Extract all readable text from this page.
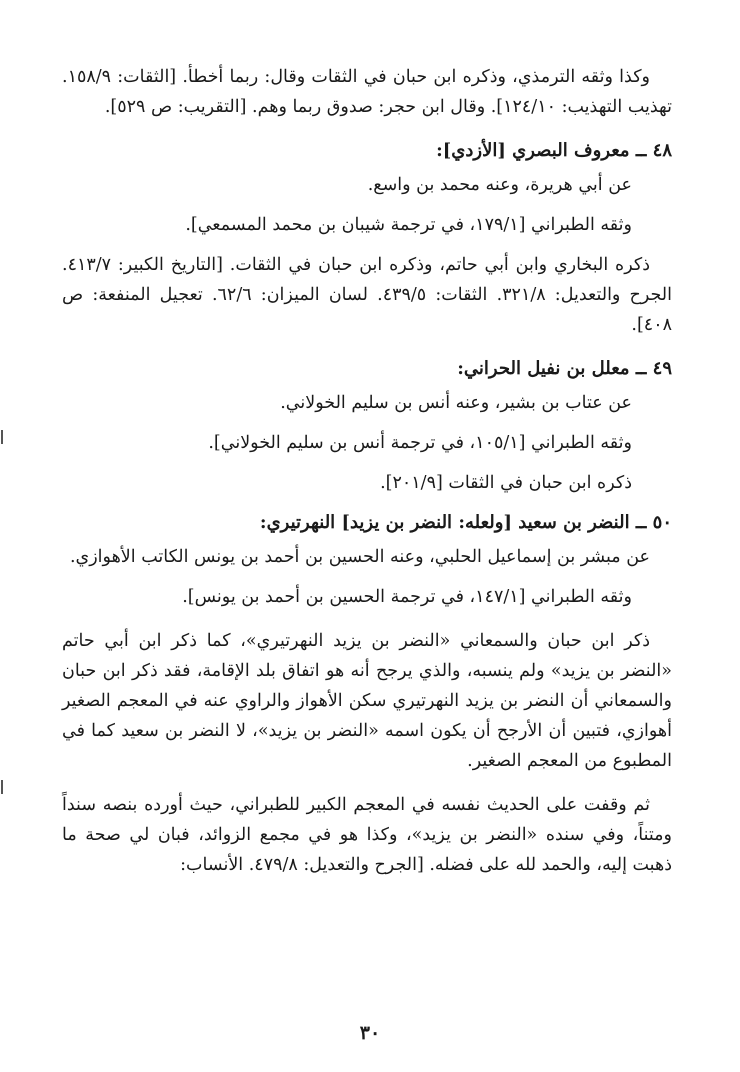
وكذا وثقه الترمذي، وذكره ابن حبان في الثقات وقال: ربما أخطأ. [الثقات: ١٥٨/٩. تهذيب التهذيب: ١٢٤/١٠]. وقال ابن حجر: صدوق ربما وهم. [التقريب: ص ٥٢٩].

٤٨ ــ معروف البصري [الأزدي]:

عن أبي هريرة، وعنه محمد بن واسع.

وثقه الطبراني [١٧٩/١، في ترجمة شيبان بن محمد المسمعي].

ذكره البخاري وابن أبي حاتم، وذكره ابن حبان في الثقات. [التاريخ الكبير: ٤١٣/٧. الجرح والتعديل: ٣٢١/٨. الثقات: ٤٣٩/٥. لسان الميزان: ٦٢/٦. تعجيل المنفعة: ص ٤٠٨].

٤٩ ــ معلل بن نفيل الحراني:

عن عتاب بن بشير، وعنه أنس بن سليم الخولاني.

وثقه الطبراني [١٠٥/١، في ترجمة أنس بن سليم الخولاني].

ذكره ابن حبان في الثقات [٢٠١/٩].

٥٠ ــ النضر بن سعيد [ولعله: النضر بن يزيد] النهرتيري:

عن مبشر بن إسماعيل الحلبي، وعنه الحسين بن أحمد بن يونس الكاتب الأهوازي.

وثقه الطبراني [١٤٧/١، في ترجمة الحسين بن أحمد بن يونس].

ذكر ابن حبان والسمعاني «النضر بن يزيد النهرتيري»، كما ذكر ابن أبي حاتم «النضر بن يزيد» ولم ينسبه، والذي يرجح أنه هو اتفاق بلد الإقامة، فقد ذكر ابن حبان والسمعاني أن النضر بن يزيد النهرتيري سكن الأهواز والراوي عنه في المعجم الصغير أهوازي، فتبين أن الأرجح أن يكون اسمه «النضر بن يزيد»، لا النضر بن سعيد كما في المطبوع من المعجم الصغير.

ثم وقفت على الحديث نفسه في المعجم الكبير للطبراني، حيث أورده بنصه سنداً ومتناً، وفي سنده «النضر بن يزيد»، وكذا هو في مجمع الزوائد، فبان لي صحة ما ذهبت إليه، والحمد لله على فضله. [الجرح والتعديل: ٤٧٩/٨. الأنساب:

٣٠
